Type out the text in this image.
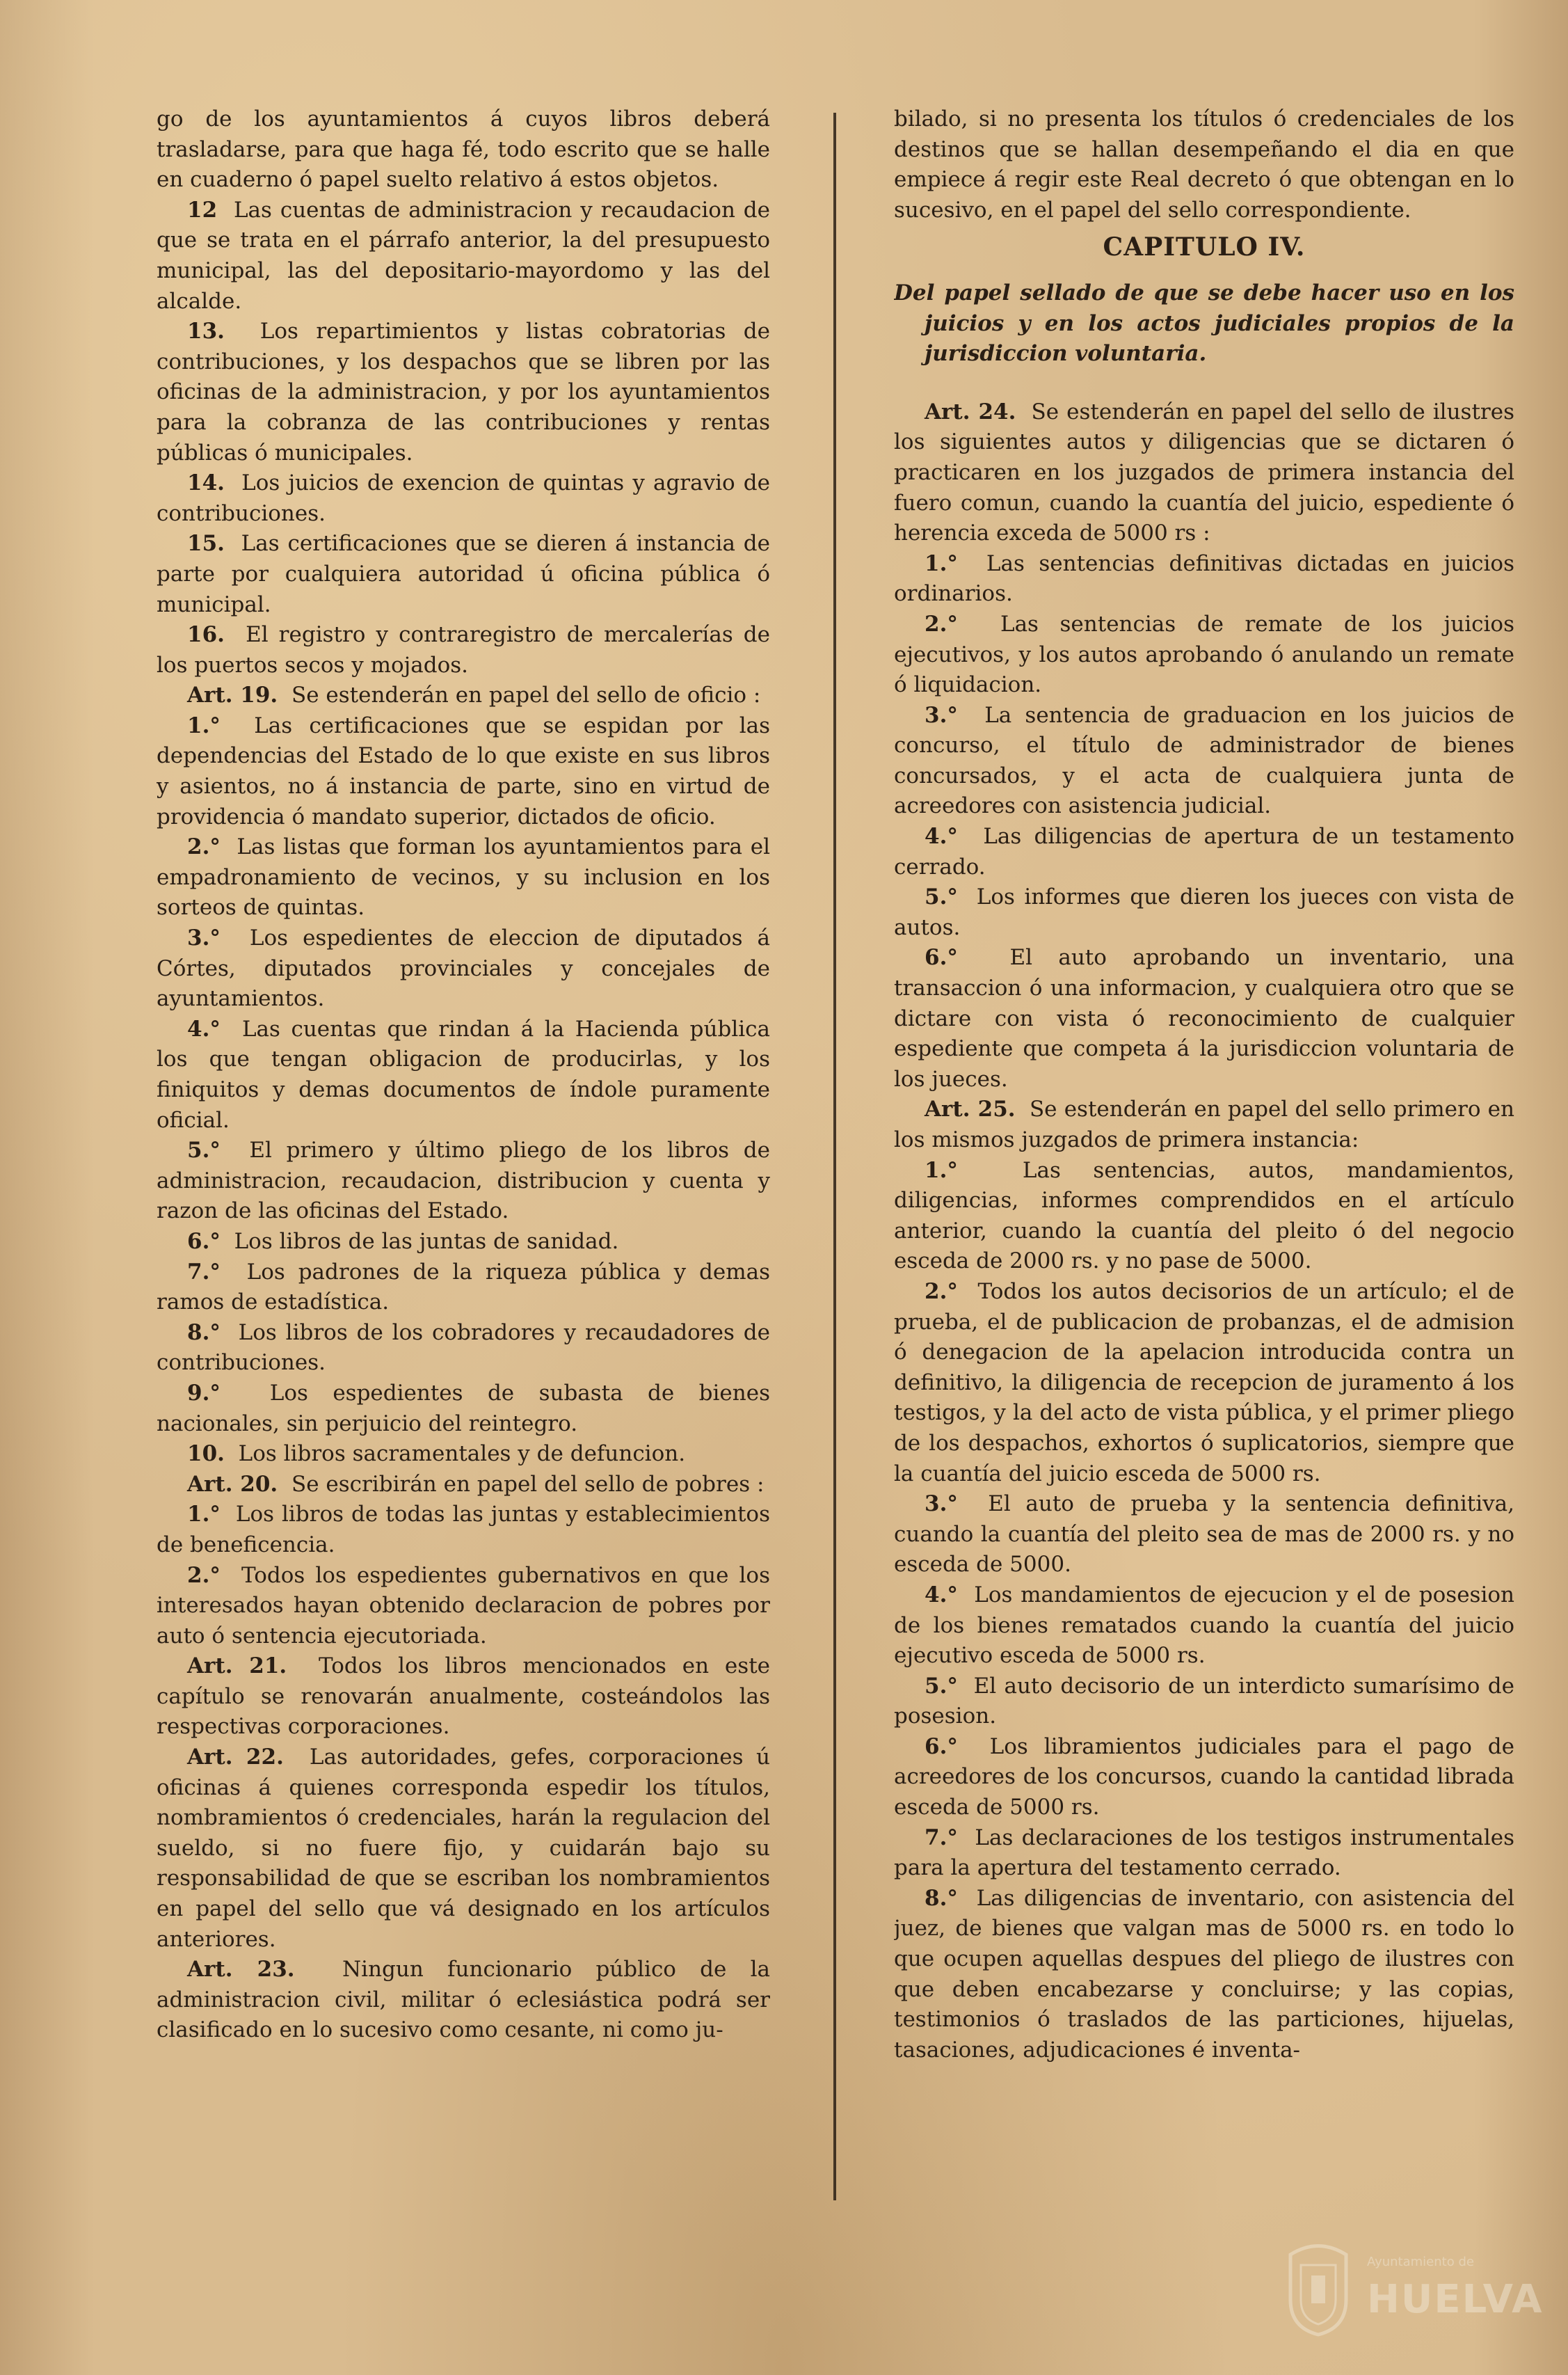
go de los ayuntamientos á cuyos libros deberá trasladarse, para que haga fé, todo escrito que se halle en cuaderno ó papel suelto relativo á estos objetos.

12 Las cuentas de administracion y recaudacion de que se trata en el párrafo anterior, la del presupuesto municipal, las del depositario-mayordomo y las del alcalde.

13. Los repartimientos y listas cobratorias de contribuciones, y los despachos que se libren por las oficinas de la administracion, y por los ayuntamientos para la cobranza de las contribuciones y rentas públicas ó municipales.

14. Los juicios de exencion de quintas y agravio de contribuciones.

15. Las certificaciones que se dieren á instancia de parte por cualquiera autoridad ú oficina pública ó municipal.

16. El registro y contraregistro de mercalerías de los puertos secos y mojados.

Art. 19. Se estenderán en papel del sello de oficio :

1.° Las certificaciones que se espidan por las dependencias del Estado de lo que existe en sus libros y asientos, no á instancia de parte, sino en virtud de providencia ó mandato superior, dictados de oficio.

2.° Las listas que forman los ayuntamientos para el empadronamiento de vecinos, y su inclusion en los sorteos de quintas.

3.° Los espedientes de eleccion de diputados á Córtes, diputados provinciales y concejales de ayuntamientos.

4.° Las cuentas que rindan á la Hacienda pública los que tengan obligacion de producirlas, y los finiquitos y demas documentos de índole puramente oficial.

5.° El primero y último pliego de los libros de administracion, recaudacion, distribucion y cuenta y razon de las oficinas del Estado.

6.° Los libros de las juntas de sanidad.

7.° Los padrones de la riqueza pública y demas ramos de estadística.

8.° Los libros de los cobradores y recaudadores de contribuciones.

9.° Los espedientes de subasta de bienes nacionales, sin perjuicio del reintegro.

10. Los libros sacramentales y de defuncion.

Art. 20. Se escribirán en papel del sello de pobres :

1.° Los libros de todas las juntas y establecimientos de beneficencia.

2.° Todos los espedientes gubernativos en que los interesados hayan obtenido declaracion de pobres por auto ó sentencia ejecutoriada.

Art. 21. Todos los libros mencionados en este capítulo se renovarán anualmente, costeándolos las respectivas corporaciones.

Art. 22. Las autoridades, gefes, corporaciones ú oficinas á quienes corresponda espedir los títulos, nombramientos ó credenciales, harán la regulacion del sueldo, si no fuere fijo, y cuidarán bajo su responsabilidad de que se escriban los nombramientos en papel del sello que vá designado en los artículos anteriores.

Art. 23. Ningun funcionario público de la administracion civil, militar ó eclesiástica podrá ser clasificado en lo sucesivo como cesante, ni como ju-

bilado, si no presenta los títulos ó credenciales de los destinos que se hallan desempeñando el dia en que empiece á regir este Real decreto ó que obtengan en lo sucesivo, en el papel del sello correspondiente.

CAPITULO IV.
Del papel sellado de que se debe hacer uso en los juicios y en los actos judiciales propios de la jurisdiccion voluntaria.

Art. 24. Se estenderán en papel del sello de ilustres los siguientes autos y diligencias que se dictaren ó practicaren en los juzgados de primera instancia del fuero comun, cuando la cuantía del juicio, espediente ó herencia exceda de 5000 rs :

1.° Las sentencias definitivas dictadas en juicios ordinarios.

2.° Las sentencias de remate de los juicios ejecutivos, y los autos aprobando ó anulando un remate ó liquidacion.

3.° La sentencia de graduacion en los juicios de concurso, el título de administrador de bienes concursados, y el acta de cualquiera junta de acreedores con asistencia judicial.

4.° Las diligencias de apertura de un testamento cerrado.

5.° Los informes que dieren los jueces con vista de autos.

6.° El auto aprobando un inventario, una transaccion ó una informacion, y cualquiera otro que se dictare con vista ó reconocimiento de cualquier espediente que competa á la jurisdiccion voluntaria de los jueces.

Art. 25. Se estenderán en papel del sello primero en los mismos juzgados de primera instancia:

1.°	Las sentencias, autos, mandamientos, diligencias, informes comprendidos en el artículo anterior, cuando la cuantía del pleito ó del negocio esceda de 2000 rs. y no pase de 5000.

2.° Todos los autos decisorios de un artículo; el de prueba, el de publicacion de probanzas, el de admision ó denegacion de la apelacion introducida contra un definitivo, la diligencia de recepcion de juramento á los testigos, y la del acto de vista pública, y el primer pliego de los despachos, exhortos ó suplicatorios, siempre que la cuantía del juicio esceda de 5000 rs.

3.° El auto de prueba y la sentencia definitiva, cuando la cuantía del pleito sea de mas de 2000 rs. y no esceda de 5000.

4.° Los mandamientos de ejecucion y el de posesion de los bienes rematados cuando la cuantía del juicio ejecutivo esceda de 5000 rs.

5.° El auto decisorio de un interdicto sumarísimo de posesion.

6.° Los libramientos judiciales para el pago de acreedores de los concursos, cuando la cantidad librada esceda de 5000 rs.

7.° Las declaraciones de los testigos instrumentales para la apertura del testamento cerrado.

8.° Las diligencias de inventario, con asistencia del juez, de bienes que valgan mas de 5000 rs. en todo lo que ocupen aquellas despues del pliego de ilustres con que deben encabezarse y concluirse; y las copias, testimonios ó traslados de las particiones, hijuelas, tasaciones, adjudicaciones é inventa-

Ayuntamiento de
HUELVA
